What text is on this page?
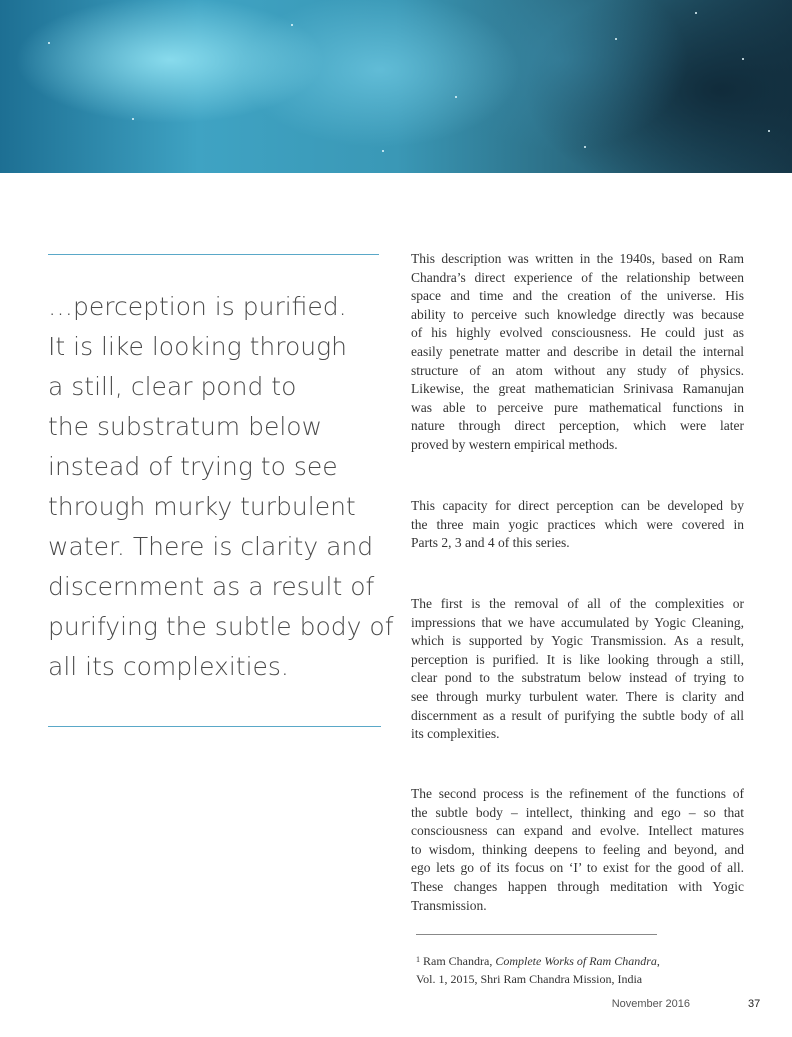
…perception is purified.
It is like looking through
a still, clear pond to
the substratum below
instead of trying to see
through murky turbulent
water. There is clarity and
discernment as a result of
purifying the subtle body of
all its complexities.
This description was written in the 1940s, based on Ram
Chandra’s direct experience of the relationship between
space and time and the creation of the universe. His
ability to perceive such knowledge directly was because
of his highly evolved consciousness. He could just as
easily penetrate matter and describe in detail the internal
structure of an atom without any study of physics.
Likewise, the great mathematician Srinivasa Ramanujan
was able to perceive pure mathematical functions in
nature through direct perception, which were later
proved by western empirical methods.
This capacity for direct perception can be developed by
the three main yogic practices which were covered in
Parts 2, 3 and 4 of this series.
The first is the removal of all of the complexities or
impressions that we have accumulated by Yogic Cleaning,
which is supported by Yogic Transmission. As a result,
perception is purified. It is like looking through a still,
clear pond to the substratum below instead of trying to
see through murky turbulent water. There is clarity and
discernment as a result of purifying the subtle body of all
its complexities.
The second process is the refinement of the functions of
the subtle body – intellect, thinking and ego – so that
consciousness can expand and evolve. Intellect matures
to wisdom, thinking deepens to feeling and beyond, and
ego lets go of its focus on ‘I’ to exist for the good of all.
These changes happen through meditation with Yogic
Transmission.
$^1$ Ram Chandra, Complete Works of Ram Chandra,
Vol. 1, 2015, Shri Ram Chandra Mission, India
November 2016	37
